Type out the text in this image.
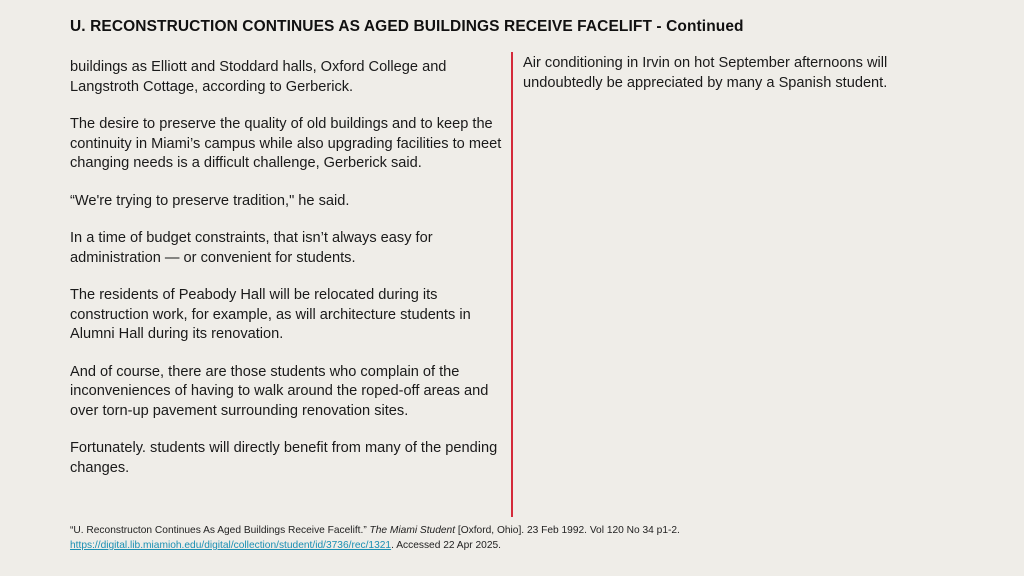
U. RECONSTRUCTION CONTINUES AS AGED BUILDINGS RECEIVE FACELIFT - Continued

buildings as Elliott and Stoddard halls, Oxford College and Langstroth Cottage, according to Gerberick.

The desire to preserve the quality of old buildings and to keep the continuity in Miami’s campus while also upgrading facilities to meet changing needs is a difficult challenge, Gerberick said.

“We're trying to preserve tradition," he said.

In a time of budget constraints, that isn’t always easy for administration — or convenient for students.

The residents of Peabody Hall will be relocated during its construction work, for example, as will architecture students in Alumni Hall during its renovation.

And of course, there are those students who complain of the inconveniences of having to walk around the roped-off areas and over torn-up pavement surrounding renovation sites.

Fortunately. students will directly benefit from many of the pending changes.

Air conditioning in Irvin on hot September afternoons will undoubtedly be appreciated by many a Spanish student.

“U. Reconstructon Continues As Aged Buildings Receive Facelift.” The Miami Student [Oxford, Ohio]. 23 Feb 1992. Vol 120 No 34 p1-2. https://digital.lib.miamioh.edu/digital/collection/student/id/3736/rec/1321. Accessed 22 Apr 2025.
